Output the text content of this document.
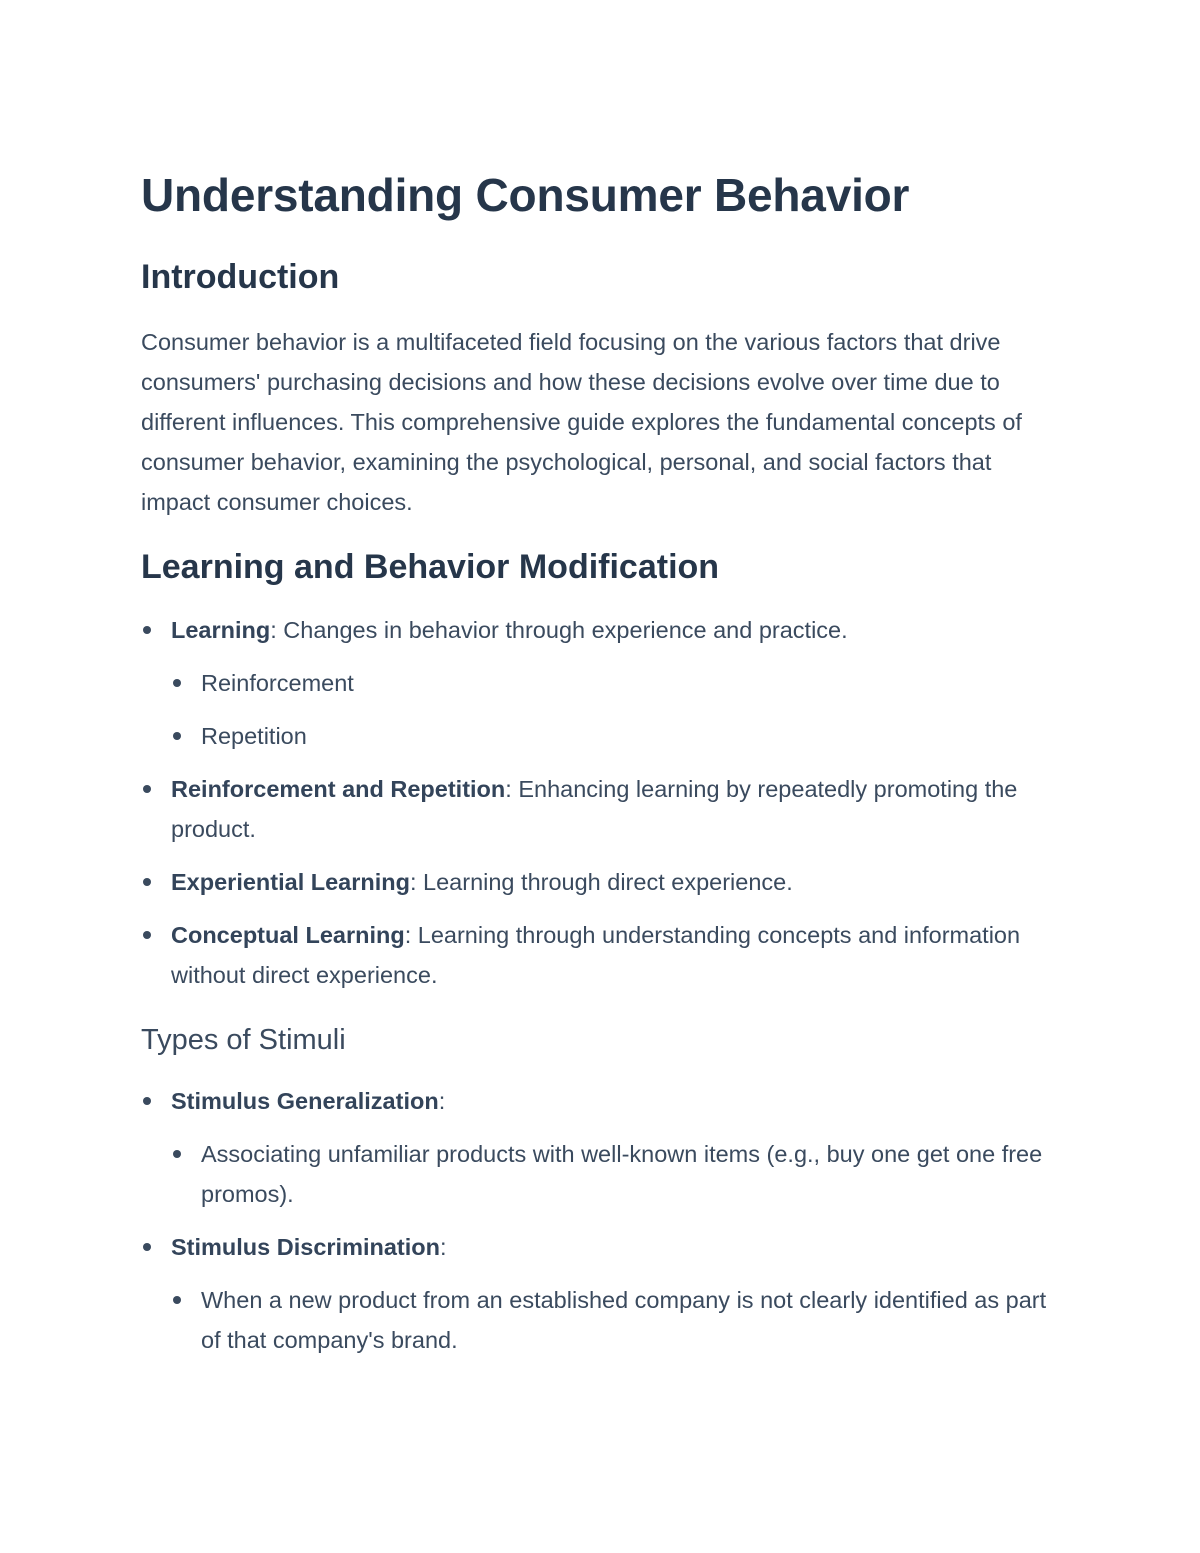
Understanding Consumer Behavior
Introduction

Consumer behavior is a multifaceted field focusing on the various factors that drive consumers' purchasing decisions and how these decisions evolve over time due to different influences. This comprehensive guide explores the fundamental concepts of consumer behavior, examining the psychological, personal, and social factors that impact consumer choices.

Learning and Behavior Modification
Learning: Changes in behavior through experience and practice.
Reinforcement
Repetition
Reinforcement and Repetition: Enhancing learning by repeatedly promoting the product.
Experiential Learning: Learning through direct experience.
Conceptual Learning: Learning through understanding concepts and information without direct experience.
Types of Stimuli
Stimulus Generalization:
Associating unfamiliar products with well-known items (e.g., buy one get one free promos).
Stimulus Discrimination:
When a new product from an established company is not clearly identified as part of that company's brand.
